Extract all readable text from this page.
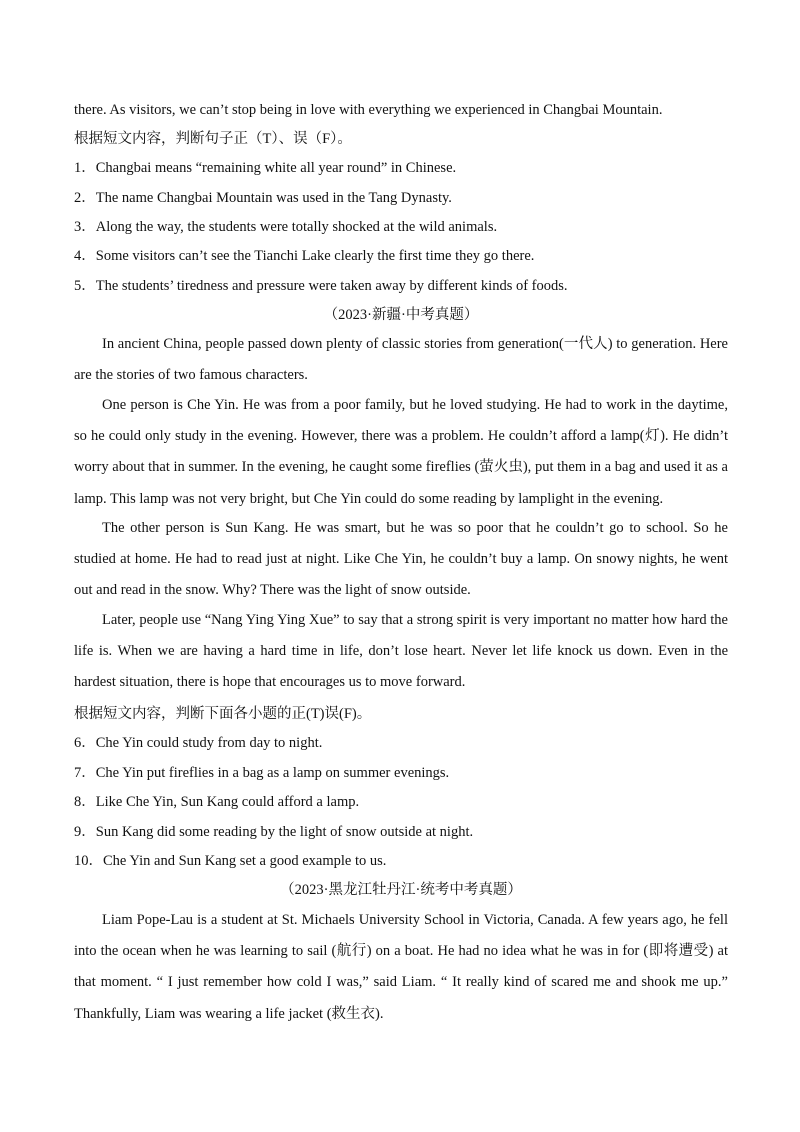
there. As visitors, we can’t stop being in love with everything we experienced in Changbai Mountain.

根据短文内容，判断句子正（T）、误（F）。

1．Changbai means “remaining white all year round” in Chinese.

2．The name Changbai Mountain was used in the Tang Dynasty.

3．Along the way, the students were totally shocked at the wild animals.

4．Some visitors can’t see the Tianchi Lake clearly the first time they go there.

5．The students’ tiredness and pressure were taken away by different kinds of foods.

（2023·新疆·中考真题）

In ancient China, people passed down plenty of classic stories from generation(一代人) to generation. Here are the stories of two famous characters.

One person is Che Yin. He was from a poor family, but he loved studying. He had to work in the daytime, so he could only study in the evening. However, there was a problem. He couldn’t afford a lamp(灯). He didn’t worry about that in summer. In the evening, he caught some fireflies (萤火虫), put them in a bag and used it as a lamp. This lamp was not very bright, but Che Yin could do some reading by lamplight in the evening.

The other person is Sun Kang. He was smart, but he was so poor that he couldn’t go to school. So he studied at home. He had to read just at night. Like Che Yin, he couldn’t buy a lamp. On snowy nights, he went out and read in the snow. Why? There was the light of snow outside.

Later, people use “Nang Ying Ying Xue” to say that a strong spirit is very important no matter how hard the life is. When we are having a hard time in life, don’t lose heart. Never let life knock us down. Even in the hardest situation, there is hope that encourages us to move forward.

根据短文内容，判断下面各小题的正(T)误(F)。

6．Che Yin could study from day to night.

7．Che Yin put fireflies in a bag as a lamp on summer evenings.

8．Like Che Yin, Sun Kang could afford a lamp.

9．Sun Kang did some reading by the light of snow outside at night.

10．Che Yin and Sun Kang set a good example to us.

（2023·黑龙江牡丹江·统考中考真题）

Liam Pope-Lau is a student at St. Michaels University School in Victoria, Canada. A few years ago, he fell into the ocean when he was learning to sail (航行) on a boat. He had no idea what he was in for (即将遭受) at that moment. “ I just remember how cold I was,” said Liam. “ It really kind of scared me and shook me up.” Thankfully, Liam was wearing a life jacket (救生衣).
